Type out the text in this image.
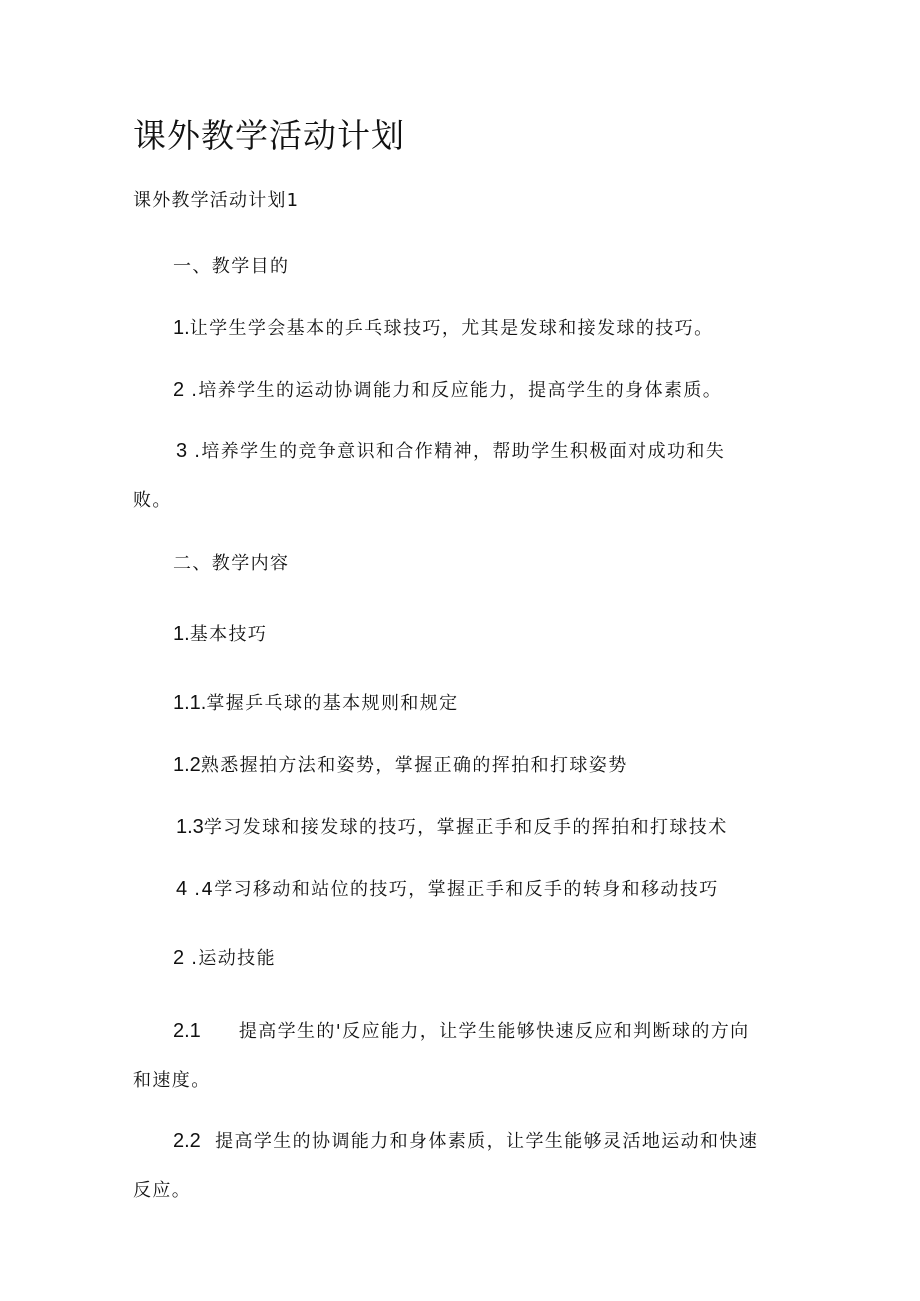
课外教学活动计划
课外教学活动计划1
一、教学目的
1.让学生学会基本的乒乓球技巧，尤其是发球和接发球的技巧。
2 .培养学生的运动协调能力和反应能力，提高学生的身体素质。
3 .培养学生的竞争意识和合作精神，帮助学生积极面对成功和失
败。
二、教学内容
1.基本技巧
1.1.掌握乒乓球的基本规则和规定
1.2熟悉握拍方法和姿势，掌握正确的挥拍和打球姿势
1.3学习发球和接发球的技巧，掌握正手和反手的挥拍和打球技术
4 .4学习移动和站位的技巧，掌握正手和反手的转身和移动技巧
2 .运动技能
2.1 提高学生的'反应能力，让学生能够快速反应和判断球的方向
和速度。
2.2 提高学生的协调能力和身体素质，让学生能够灵活地运动和快速
反应。
